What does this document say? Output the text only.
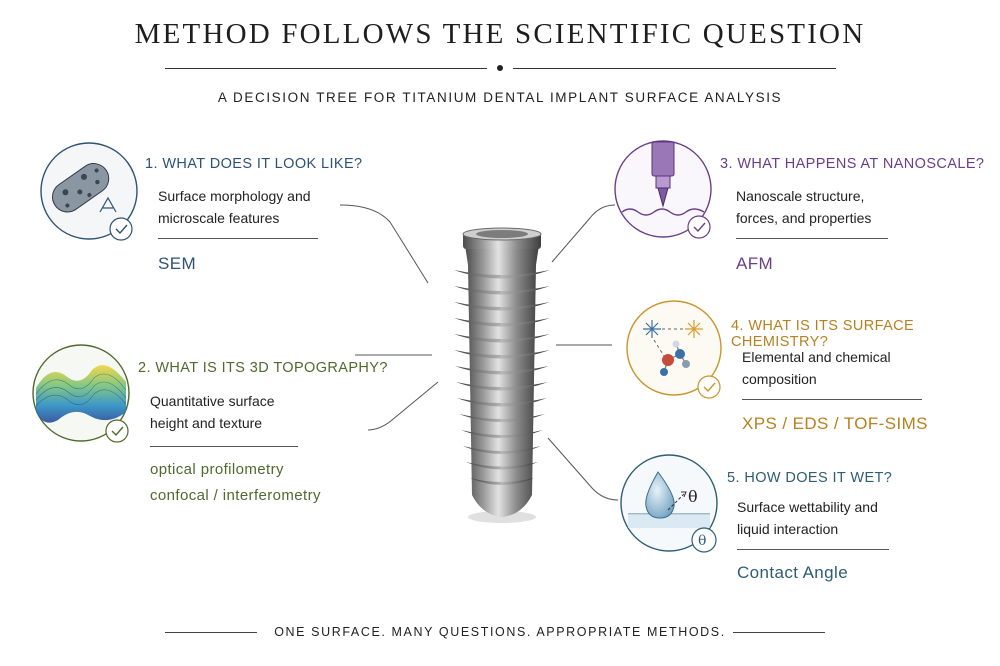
METHOD FOLLOWS THE SCIENTIFIC QUESTION
A DECISION TREE FOR TITANIUM DENTAL IMPLANT SURFACE ANALYSIS
1. WHAT DOES IT LOOK LIKE?
Surface morphology and
microscale features
SEM
2. WHAT IS ITS 3D TOPOGRAPHY?
Quantitative surface
height and texture
optical profilometry
confocal / interferometry
3. WHAT HAPPENS AT NANOSCALE?
Nanoscale structure,
forces, and properties
AFM
4. WHAT IS ITS SURFACE CHEMISTRY?
Elemental and chemical
composition
XPS / EDS / TOF-SIMS
θ
θ
5. HOW DOES IT WET?
Surface wettability and
liquid interaction
Contact Angle
ONE SURFACE. MANY QUESTIONS. APPROPRIATE METHODS.
